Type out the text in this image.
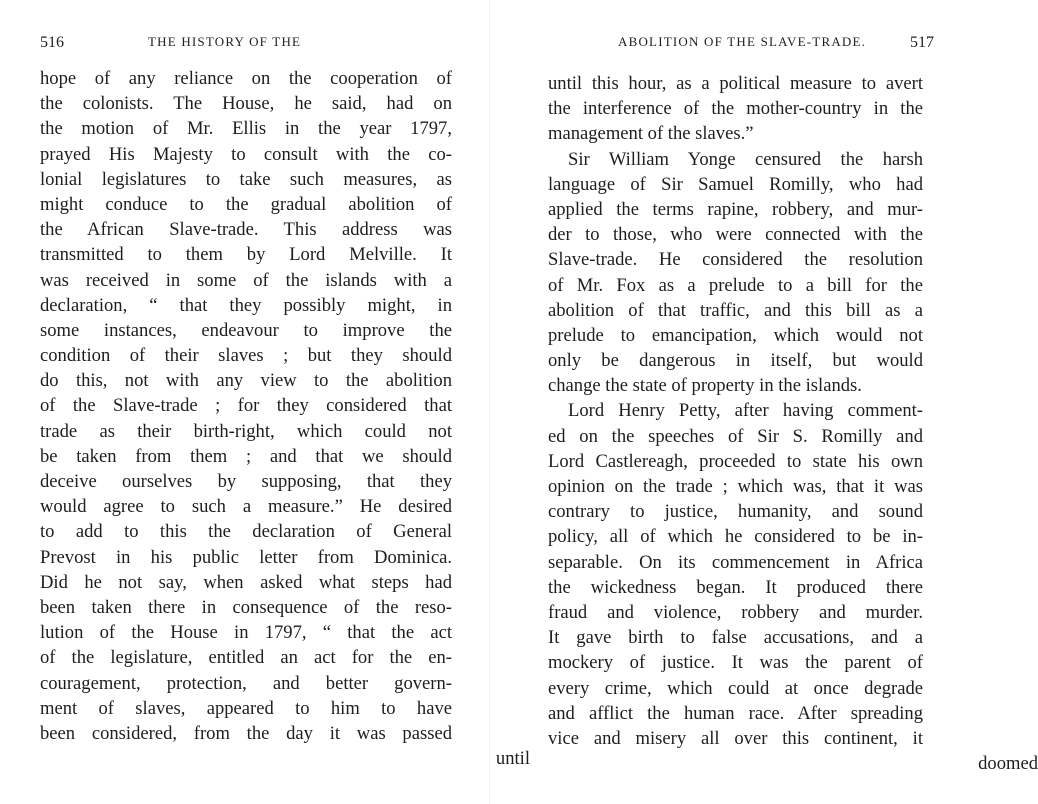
516	THE HISTORY OF THE
hope of any reliance on the cooperation of
the colonists. The House, he said, had on
the motion of Mr. Ellis in the year 1797,
prayed His Majesty to consult with the co-
lonial legislatures to take such measures, as
might conduce to the gradual abolition of
the African Slave-trade. This address was
transmitted to them by Lord Melville. It
was received in some of the islands with a
declaration, “ that they possibly might, in
some instances, endeavour to improve the
condition of their slaves ; but they should
do this, not with any view to the abolition
of the Slave-trade ; for they considered that
trade as their birth-right, which could not
be taken from them ; and that we should
deceive ourselves by supposing, that they
would agree to such a measure.” He desired
to add to this the declaration of General
Prevost in his public letter from Dominica.
Did he not say, when asked what steps had
been taken there in consequence of the reso-
lution of the House in 1797, “ that the act
of the legislature, entitled an act for the en-
couragement, protection, and better govern-
ment of slaves, appeared to him to have
been considered, from the day it was passed
until
ABOLITION OF THE SLAVE-TRADE.	517
until this hour, as a political measure to avert
the interference of the mother-country in the
management of the slaves.”
Sir William Yonge censured the harsh
language of Sir Samuel Romilly, who had
applied the terms rapine, robbery, and mur-
der to those, who were connected with the
Slave-trade. He considered the resolution
of Mr. Fox as a prelude to a bill for the
abolition of that traffic, and this bill as a
prelude to emancipation, which would not
only be dangerous in itself, but would
change the state of property in the islands.
Lord Henry Petty, after having comment-
ed on the speeches of Sir S. Romilly and
Lord Castlereagh, proceeded to state his own
opinion on the trade ; which was, that it was
contrary to justice, humanity, and sound
policy, all of which he considered to be in-
separable. On its commencement in Africa
the wickedness began. It produced there
fraud and violence, robbery and murder.
It gave birth to false accusations, and a
mockery of justice. It was the parent of
every crime, which could at once degrade
and afflict the human race. After spreading
vice and misery all over this continent, it
doomed
